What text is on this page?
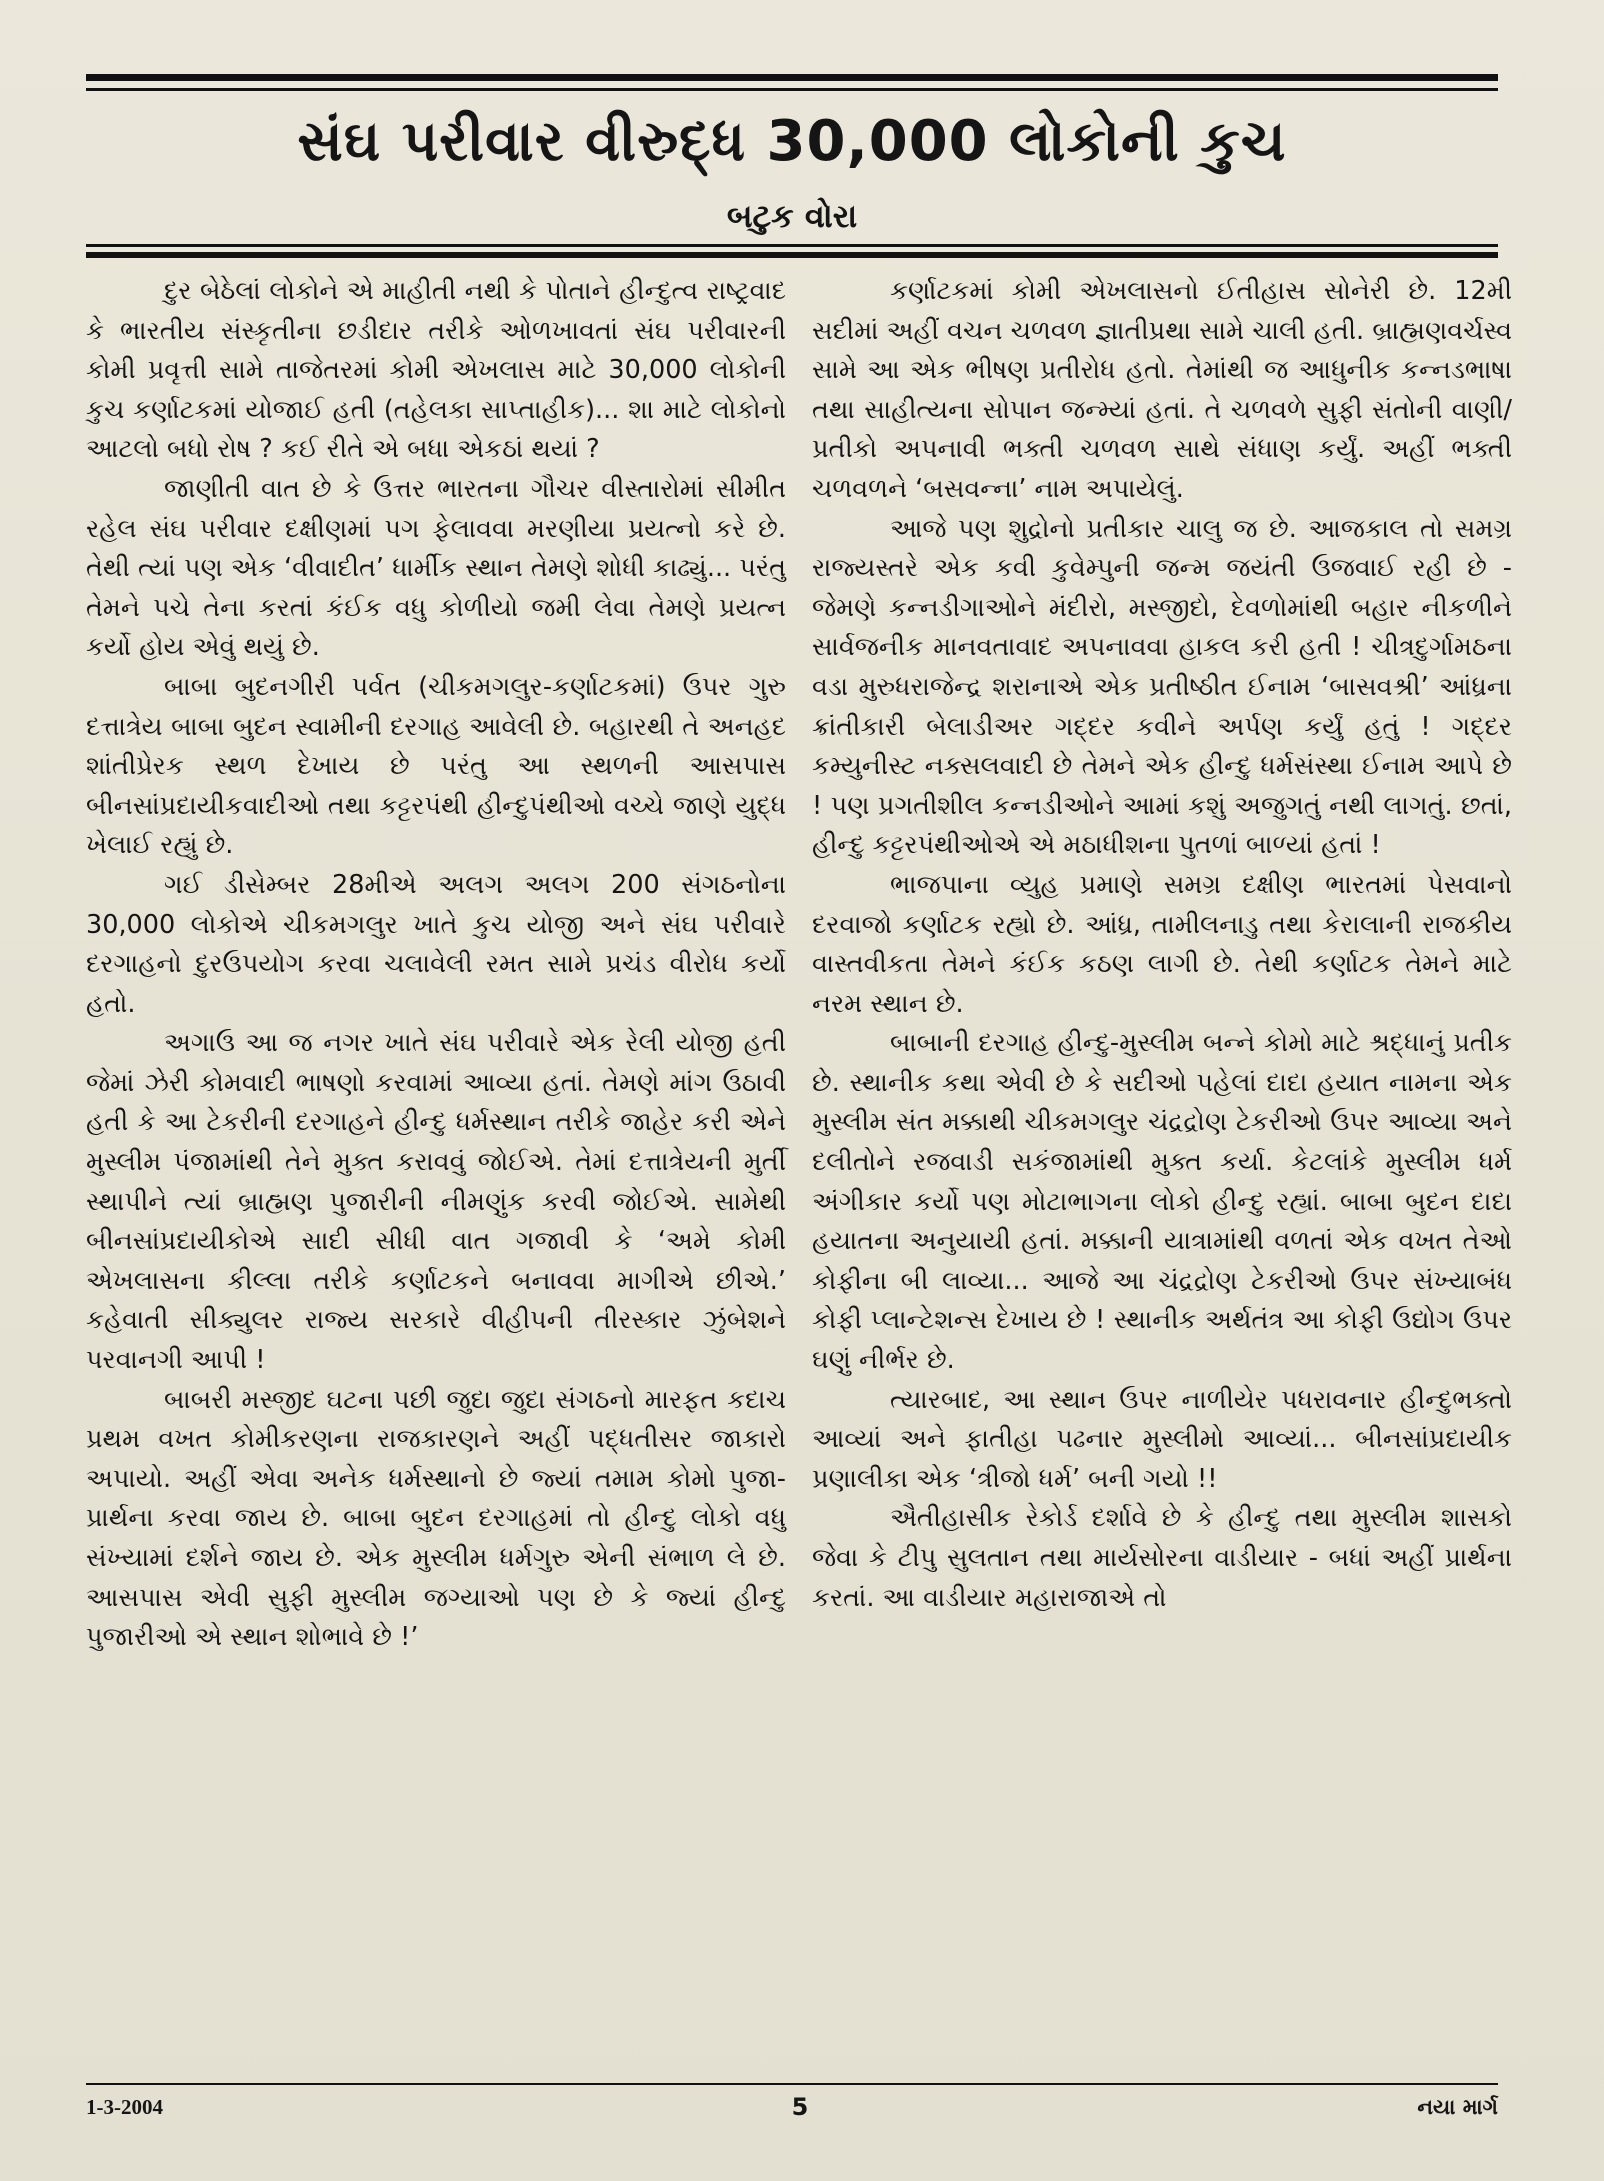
સંઘ પરીવાર વીરુદ્ધ 30,000 લોકોની કુચ
બટુક વોરા

દુર બેઠેલાં લોકોને એ માહીતી નથી કે પોતાને હીન્દુત્વ રાષ્ટ્રવાદ કે ભારતીય સંસ્કૃતીના છડીદાર તરીકે ઓળખાવતાં સંઘ પરીવારની કોમી પ્રવૃત્તી સામે તાજેતરમાં કોમી એખલાસ માટે 30,000 લોકોની કુચ કર્ણાટકમાં યોજાઈ હતી (તહેલકા સાપ્તાહીક)... શા માટે લોકોનો આટલો બધો રોષ ? કઈ રીતે એ બધા એકઠાં થયાં ?

જાણીતી વાત છે કે ઉત્તર ભારતના ગૌચર વીસ્તારોમાં સીમીત રહેલ સંઘ પરીવાર દક્ષીણમાં પગ ફેલાવવા મરણીયા પ્રયત્નો કરે છે. તેથી ત્યાં પણ એક ‘વીવાદીત’ ધાર્મીક સ્થાન તેમણે શોધી કાઢ્યું... પરંતુ તેમને પચે તેના કરતાં કંઈક વધુ કોળીયો જમી લેવા તેમણે પ્રયત્ન કર્યો હોય એવું થયું છે.

બાબા બુદનગીરી પર્વત (ચીકમગલુર-કર્ણાટકમાં) ઉપર ગુરુ દત્તાત્રેય બાબા બુદન સ્વામીની દરગાહ આવેલી છે. બહારથી તે અનહદ શાંતીપ્રેરક સ્થળ દેખાય છે પરંતુ આ સ્થળની આસપાસ બીનસાંપ્રદાયીકવાદીઓ તથા કટ્ટરપંથી હીન્દુપંથીઓ વચ્ચે જાણે યુદ્ધ ખેલાઈ રહ્યું છે.

ગઈ ડીસેમ્બર 28મીએ અલગ અલગ 200 સંગઠનોના 30,000 લોકોએ ચીકમગલુર ખાતે કુચ યોજી અને સંઘ પરીવારે દરગાહનો દુરઉપયોગ કરવા ચલાવેલી રમત સામે પ્રચંડ વીરોધ કર્યો હતો.

અગાઉ આ જ નગર ખાતે સંઘ પરીવારે એક રેલી યોજી હતી જેમાં ઝેરી કોમવાદી ભાષણો કરવામાં આવ્યા હતાં. તેમણે માંગ ઉઠાવી હતી કે આ ટેકરીની દરગાહને હીન્દુ ધર્મસ્થાન તરીકે જાહેર કરી એને મુસ્લીમ પંજામાંથી તેને મુક્ત કરાવવું જોઈએ. તેમાં દત્તાત્રેયની મુર્તી સ્થાપીને ત્યાં બ્રાહ્મણ પુજારીની નીમણુંક કરવી જોઈએ. સામેથી બીનસાંપ્રદાયીકોએ સાદી સીધી વાત ગજાવી કે ‘અમે કોમી એખલાસના કીલ્લા તરીકે કર્ણાટકને બનાવવા માગીએ છીએ.’ કહેવાતી સીક્યુલર રાજ્ય સરકારે વીહીપની તીરસ્કાર ઝુંબેશને પરવાનગી આપી !

બાબરી મસ્જીદ ઘટના પછી જુદા જુદા સંગઠનો મારફત કદાચ પ્રથમ વખત કોમીકરણના રાજકારણને અહીં પદ્ધતીસર જાકારો અપાયો. અહીં એવા અનેક ધર્મસ્થાનો છે જ્યાં તમામ કોમો પુજા-પ્રાર્થના કરવા જાય છે. બાબા બુદન દરગાહમાં તો હીન્દુ લોકો વધુ સંખ્યામાં દર્શને જાય છે. એક મુસ્લીમ ધર્મગુરુ એની સંભાળ લે છે. આસપાસ એવી સુફી મુસ્લીમ જગ્યાઓ પણ છે કે જ્યાં હીન્દુ પુજારીઓ એ સ્થાન શોભાવે છે !’

કર્ણાટકમાં કોમી એખલાસનો ઈતીહાસ સોનેરી છે. 12મી સદીમાં અહીં વચન ચળવળ જ્ઞાતીપ્રથા સામે ચાલી હતી. બ્રાહ્મણવર્ચસ્વ સામે આ એક ભીષણ પ્રતીરોધ હતો. તેમાંથી જ આધુનીક કન્નડભાષા તથા સાહીત્યના સોપાન જન્મ્યાં હતાં. તે ચળવળે સુફી સંતોની વાણી/પ્રતીકો અપનાવી ભક્તી ચળવળ સાથે સંધાણ કર્યું. અહીં ભક્તી ચળવળને ‘બસવન્ના’ નામ અપાયેલું.

આજે પણ શુદ્રોનો પ્રતીકાર ચાલુ જ છે. આજકાલ તો સમગ્ર રાજ્યસ્તરે એક કવી કુવેમ્પુની જન્મ જયંતી ઉજવાઈ રહી છે - જેમણે કન્નડીગાઓને મંદીરો, મસ્જીદો, દેવળોમાંથી બહાર નીકળીને સાર્વજનીક માનવતાવાદ અપનાવવા હાકલ કરી હતી ! ચીત્રદુર્ગામઠના વડા મુરુધરાજેન્દ્ર શરાનાએ એક પ્રતીષ્ઠીત ઈનામ ‘બાસવશ્રી’ આંધ્રના ક્રાંતીકારી બેલાડીઅર ગદ્દર કવીને અર્પણ કર્યું હતું ! ગદ્દર કમ્યુનીસ્ટ નક્સલવાદી છે તેમને એક હીન્દુ ધર્મસંસ્થા ઈનામ આપે છે ! પણ પ્રગતીશીલ કન્નડીઓને આમાં કશું અજુગતું નથી લાગતું. છતાં, હીન્દુ કટ્ટરપંથીઓએ એ મઠાધીશના પુતળાં બાળ્યાં હતાં !

ભાજપાના વ્યુહ પ્રમાણે સમગ્ર દક્ષીણ ભારતમાં પેસવાનો દરવાજો કર્ણાટક રહ્યો છે. આંધ્ર, તામીલનાડુ તથા કેરાલાની રાજકીય વાસ્તવીકતા તેમને કંઈક કઠણ લાગી છે. તેથી કર્ણાટક તેમને માટે નરમ સ્થાન છે.

બાબાની દરગાહ હીન્દુ-મુસ્લીમ બન્ને કોમો માટે શ્રદ્ધાનું પ્રતીક છે. સ્થાનીક કથા એવી છે કે સદીઓ પહેલાં દાદા હયાત નામના એક મુસ્લીમ સંત મક્કાથી ચીકમગલુર ચંદ્રદ્રોણ ટેકરીઓ ઉપર આવ્યા અને દલીતોને રજવાડી સકંજામાંથી મુક્ત કર્યા. કેટલાંકે મુસ્લીમ ધર્મ અંગીકાર કર્યો પણ મોટાભાગના લોકો હીન્દુ રહ્યાં. બાબા બુદન દાદા હયાતના અનુયાયી હતાં. મક્કાની યાત્રામાંથી વળતાં એક વખત તેઓ કોફીના બી લાવ્યા... આજે આ ચંદ્રદ્રોણ ટેકરીઓ ઉપર સંખ્યાબંધ કોફી પ્લાન્ટેશન્સ દેખાય છે ! સ્થાનીક અર્થતંત્ર આ કોફી ઉદ્યોગ ઉપર ઘણું નીર્ભર છે.

ત્યારબાદ, આ સ્થાન ઉપર નાળીયેર પધરાવનાર હીન્દુભક્તો આવ્યાં અને ફાતીહા પઢનાર મુસ્લીમો આવ્યાં... બીનસાંપ્રદાયીક પ્રણાલીકા એક ‘ત્રીજો ધર્મ’ બની ગયો !!

ઐતીહાસીક રેકોર્ડ દર્શાવે છે કે હીન્દુ તથા મુસ્લીમ શાસકો જેવા કે ટીપુ સુલતાન તથા માર્યસોરના વાડીયાર - બધાં અહીં પ્રાર્થના કરતાં. આ વાડીયાર મહારાજાએ તો

1-3-2004	5	નયા માર્ગ
